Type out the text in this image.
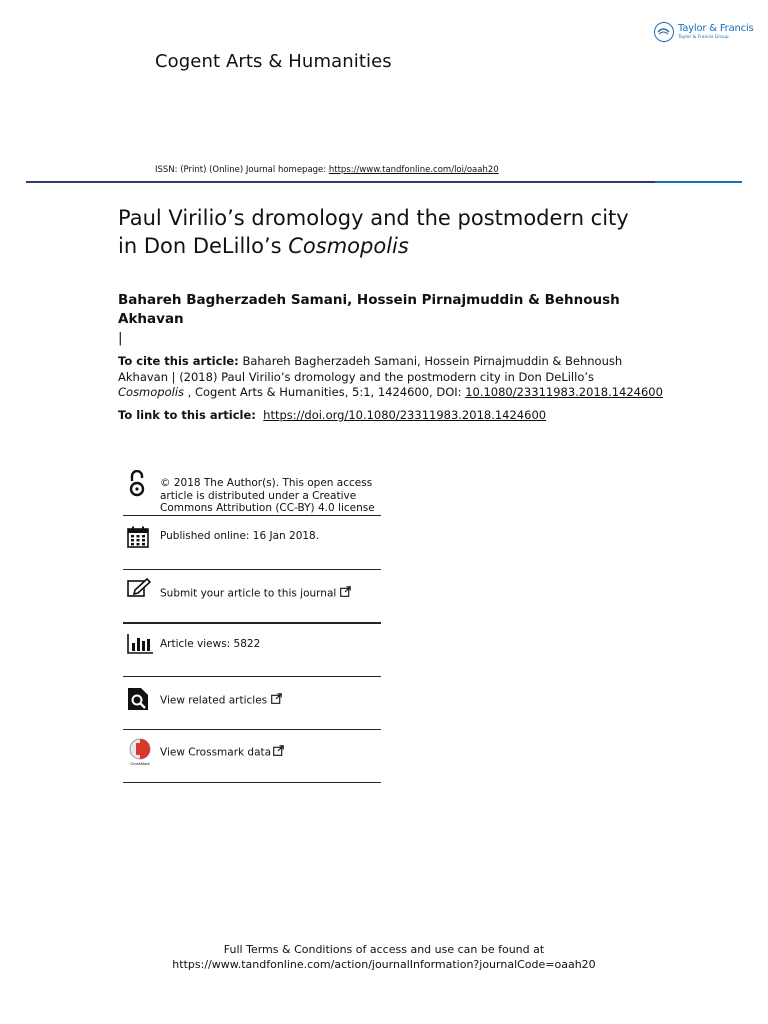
Taylor & Francis
Taylor & Francis Group
Cogent Arts & Humanities
ISSN: (Print) (Online) Journal homepage: https://www.tandfonline.com/loi/oaah20
Paul Virilio’s dromology and the postmodern city
in Don DeLillo’s Cosmopolis
Bahareh Bagherzadeh Samani, Hossein Pirnajmuddin & Behnoush Akhavan
|
To cite this article: Bahareh Bagherzadeh Samani, Hossein Pirnajmuddin & Behnoush Akhavan | (2018) Paul Virilio’s dromology and the postmodern city in Don DeLillo’s Cosmopolis , Cogent Arts & Humanities, 5:1, 1424600, DOI: 10.1080/23311983.2018.1424600
To link to this article: https://doi.org/10.1080/23311983.2018.1424600
© 2018 The Author(s). This open access article is distributed under a Creative Commons Attribution (CC-BY) 4.0 license
Published online: 16 Jan 2018.
Submit your article to this journal
Article views: 5822
View related articles
CrossMark
View Crossmark data
Full Terms & Conditions of access and use can be found at
https://www.tandfonline.com/action/journalInformation?journalCode=oaah20
